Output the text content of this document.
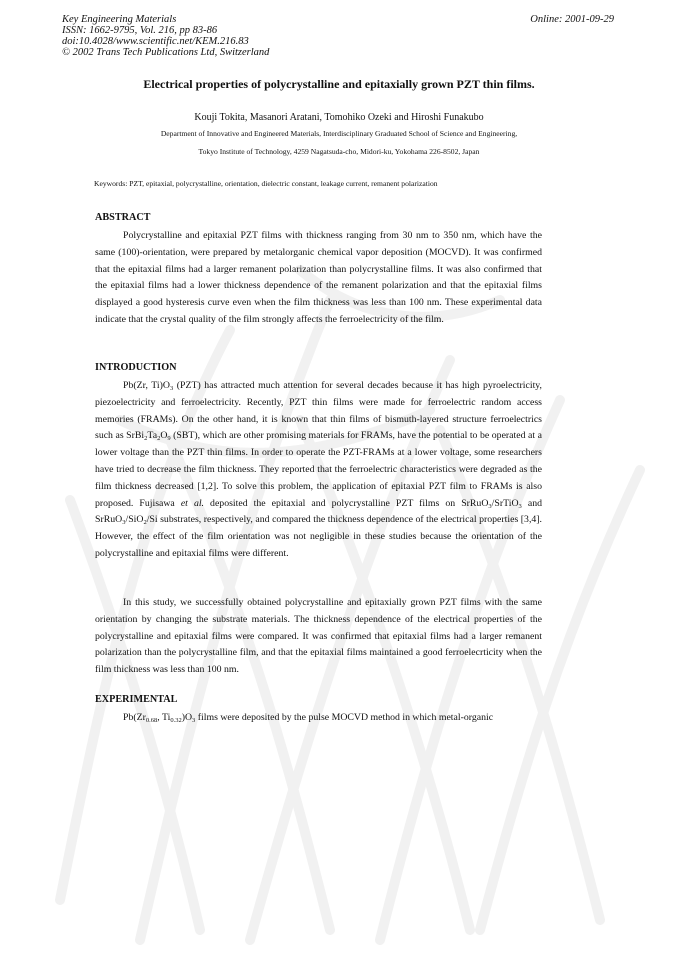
Key Engineering Materials
ISSN: 1662-9795, Vol. 216, pp 83-86
doi:10.4028/www.scientific.net/KEM.216.83
© 2002 Trans Tech Publications Ltd, Switzerland
Online: 2001-09-29
Electrical properties of polycrystalline and epitaxially grown PZT thin films.
Kouji Tokita, Masanori Aratani, Tomohiko Ozeki and Hiroshi Funakubo
Department of Innovative and Engineered Materials, Interdisciplinary Graduated School of Science and Engineering,
Tokyo Institute of Technology, 4259 Nagatsuda-cho, Midori-ku, Yokohama 226-8502, Japan
Keywords: PZT, epitaxial, polycrystalline, orientation, dielectric constant, leakage current, remanent polarization
ABSTRACT

Polycrystalline and epitaxial PZT films with thickness ranging from 30 nm to 350 nm, which have the same (100)-orientation, were prepared by metalorganic chemical vapor deposition (MOCVD). It was confirmed that the epitaxial films had a larger remanent polarization than polycrystalline films. It was also confirmed that the epitaxial films had a lower thickness dependence of the remanent polarization and that the epitaxial films displayed a good hysteresis curve even when the film thickness was less than 100 nm. These experimental data indicate that the crystal quality of the film strongly affects the ferroelectricity of the film.

INTRODUCTION

Pb(Zr, $Ti)O_3$ (PZT) has attracted much attention for several decades because it has high pyroelectricity, piezoelectricity and ferroelectricity. Recently, PZT thin films were made for ferroelectric random access memories (FRAMs). On the other hand, it is known that thin films of bismuth-layered structure ferroelectrics such as $SrBi_2Ta_2O_9$ (SBT), which are other promising materials for FRAMs, have the potential to be operated at a lower voltage than the PZT thin films. In order to operate the PZT-FRAMs at a lower voltage, some researchers have tried to decrease the film thickness. They reported that the ferroelectric characteristics were degraded as the film thickness decreased [1,2]. To solve this problem, the application of epitaxial PZT film to FRAMs is also proposed. Fujisawa et al. deposited the epitaxial and polycrystalline PZT films on SrRuO$_3$/SrTiO$_3$ and SrRuO$_3$/SiO$_2$/Si substrates, respectively, and compared the thickness dependence of the electrical properties [3,4]. However, the effect of the film orientation was not negligible in these studies because the orientation of the polycrystalline and epitaxial films were different.

In this study, we successfully obtained polycrystalline and epitaxially grown PZT films with the same orientation by changing the substrate materials. The thickness dependence of the electrical properties of the polycrystalline and epitaxial films were compared. It was confirmed that epitaxial films had a larger remanent polarization than the polycrystalline film, and that the epitaxial films maintained a good ferroelecrticity when the film thickness was less than 100 nm.

EXPERIMENTAL

$Pb(Zr_{0.68}$, $Ti_{0.32})O_3$ films were deposited by the pulse MOCVD method in which metal-organic
